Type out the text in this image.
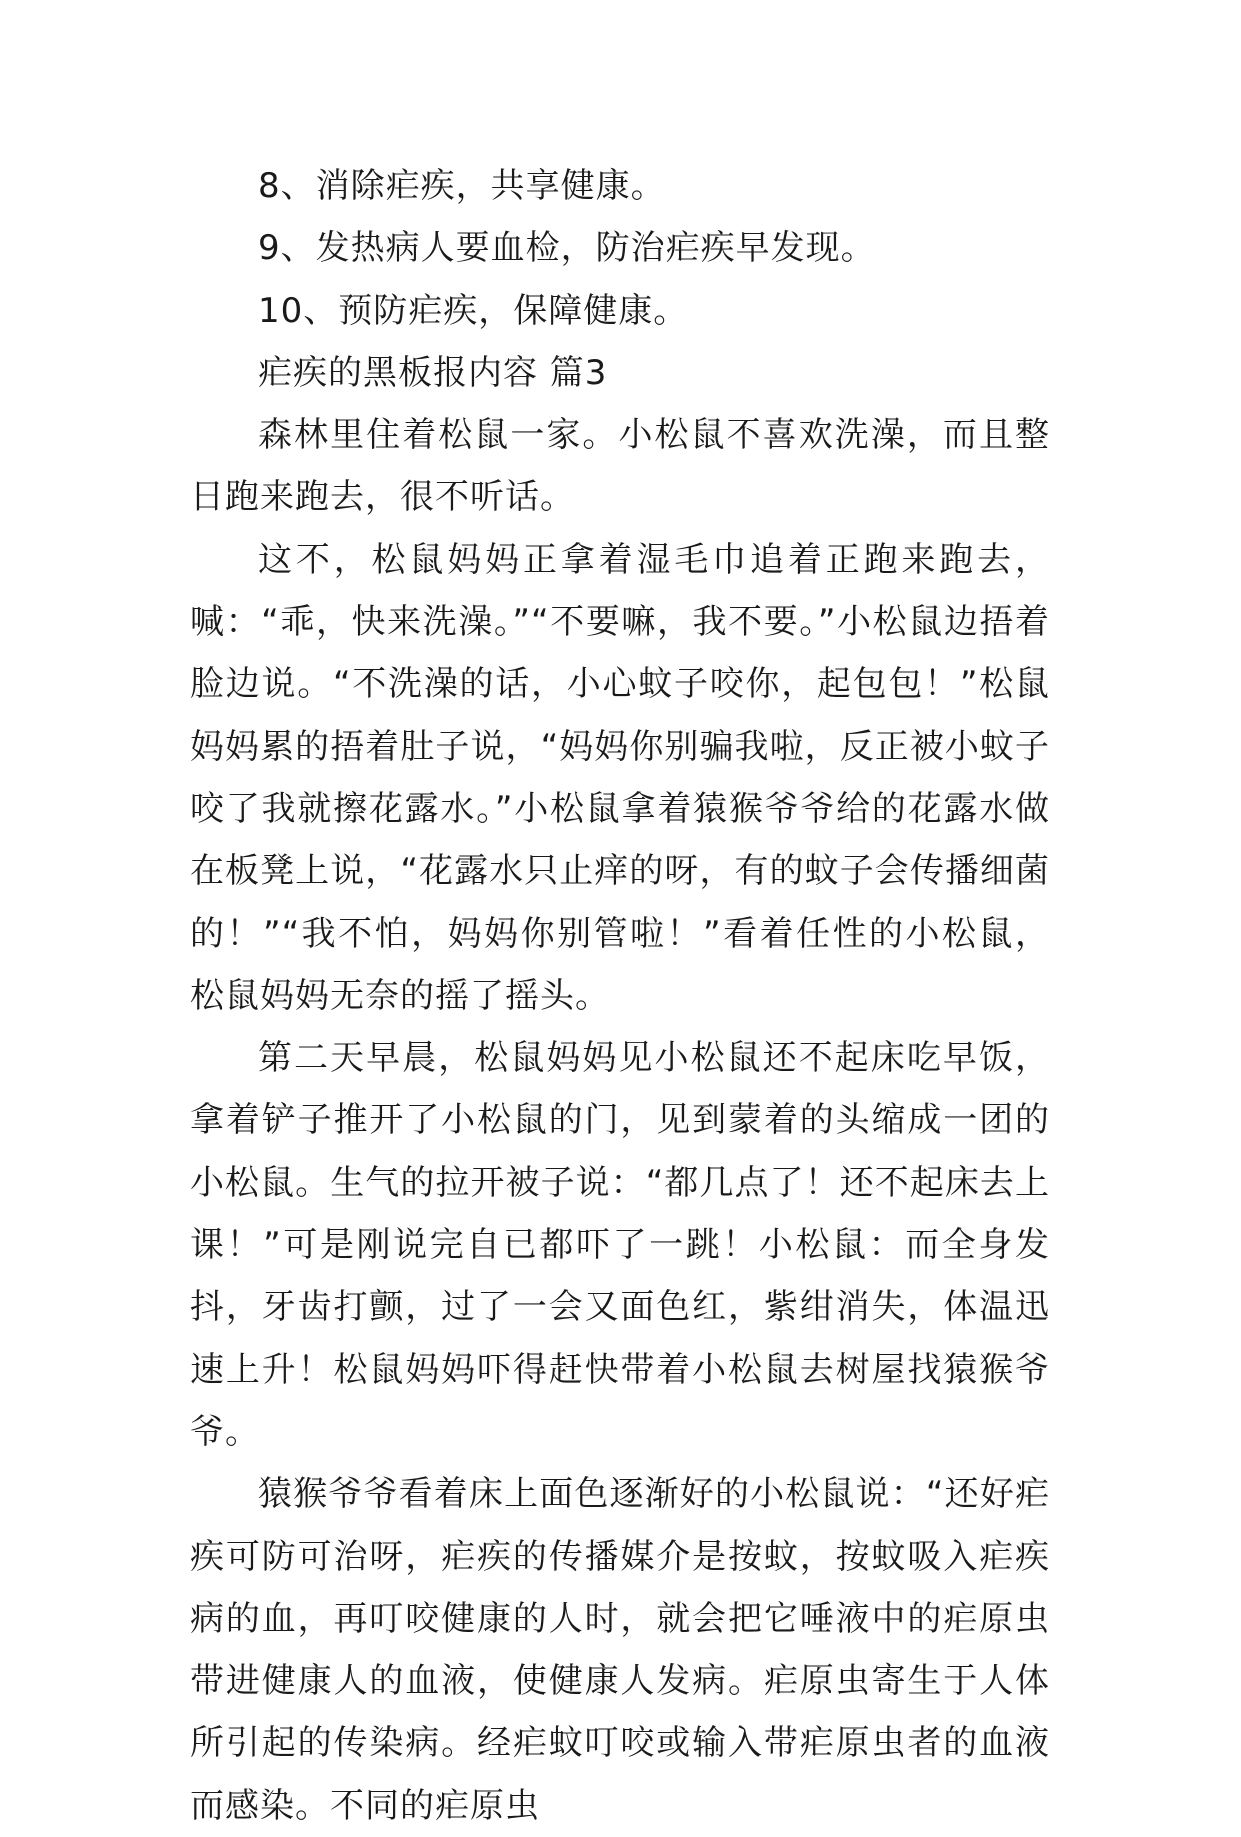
8、消除疟疾，共享健康。

9、发热病人要血检，防治疟疾早发现。

10、预防疟疾，保障健康。

疟疾的黑板报内容 篇3

森林里住着松鼠一家。小松鼠不喜欢洗澡，而且整日跑来跑去，很不听话。

这不，松鼠妈妈正拿着湿毛巾追着正跑来跑去，喊：“乖，快来洗澡。”“不要嘛，我不要。”小松鼠边捂着脸边说。“不洗澡的话，小心蚊子咬你，起包包！”松鼠妈妈累的捂着肚子说，“妈妈你别骗我啦，反正被小蚊子咬了我就擦花露水。”小松鼠拿着猿猴爷爷给的花露水做在板凳上说，“花露水只止痒的呀，有的蚊子会传播细菌的！”“我不怕，妈妈你别管啦！”看着任性的小松鼠，松鼠妈妈无奈的摇了摇头。

第二天早晨，松鼠妈妈见小松鼠还不起床吃早饭，拿着铲子推开了小松鼠的门，见到蒙着的头缩成一团的小松鼠。生气的拉开被子说：“都几点了！还不起床去上课！”可是刚说完自已都吓了一跳！小松鼠：而全身发抖，牙齿打颤，过了一会又面色红，紫绀消失，体温迅速上升！松鼠妈妈吓得赶快带着小松鼠去树屋找猿猴爷爷。

猿猴爷爷看着床上面色逐渐好的小松鼠说：“还好疟疾可防可治呀，疟疾的传播媒介是按蚊，按蚊吸入疟疾病的血，再叮咬健康的人时，就会把它唾液中的疟原虫带进健康人的血液，使健康人发病。疟原虫寄生于人体所引起的传染病。经疟蚊叮咬或输入带疟原虫者的血液而感染。不同的疟原虫
